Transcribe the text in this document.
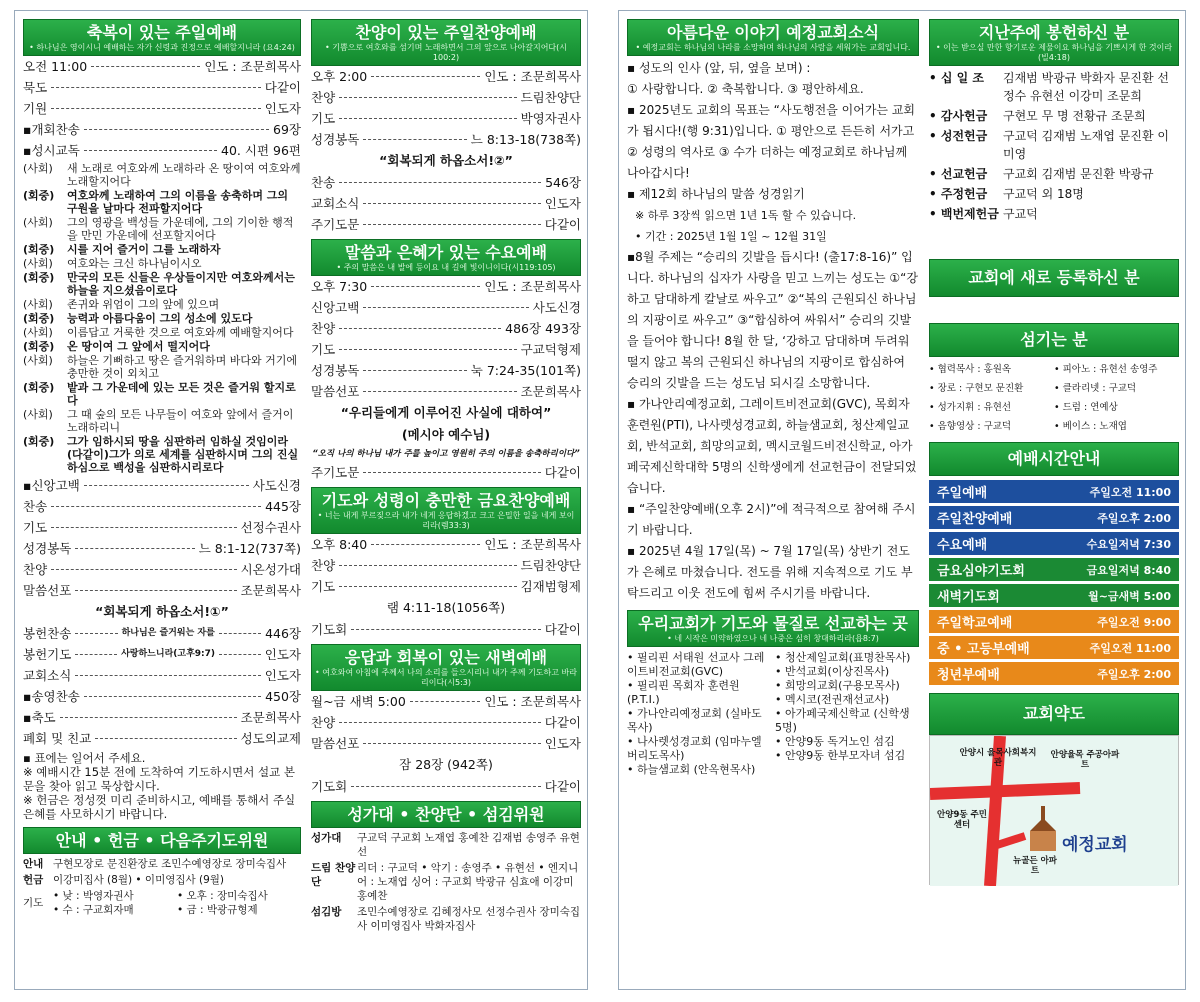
축복이 있는 주일예배
• 하나님은 영이시니 예배하는 자가 신령과 진정으로 예배할지니라 (요4:24)
오전 11:00	인도 : 조문희목사
묵도	다같이
기원	인도자
▪개회찬송	69장
▪성시교독	40. 시편 96편
(사회)	새 노래로 여호와께 노래하라 온 땅이여 여호와께 노래할지어다
(회중)	여호와께 노래하여 그의 이름을 송축하며 그의 구원을 날마다 전파할지어다
(사회)	그의 영광을 백성들 가운데에, 그의 기이한 행적을 만민 가운데에 선포할지어다
(회중)	시를 지어 즐거이 그를 노래하자
(사회)	여호와는 크신 하나님이시오
(회중)	만국의 모든 신들은 우상들이지만 여호와께서는 하늘을 지으셨음이로다
(사회)	존귀와 위엄이 그의 앞에 있으며
(회중)	능력과 아름다움이 그의 성소에 있도다
(사회)	이름답고 거룩한 것으로 여호와께 예배할지어다
(회중)	온 땅이여 그 앞에서 떨지어다
(사회)	하늘은 기뻐하고 땅은 즐거워하며 바다와 거기에 충만한 것이 외치고
(회중)	밭과 그 가운데에 있는 모든 것은 즐거워 할지로다
(사회)	그 때 숲의 모든 나무들이 여호와 앞에서 즐거이 노래하리니
(회중)	그가 임하시되 땅을 심판하러 임하실 것임이라 (다같이)그가 의로 세계를 심판하시며 그의 진실하심으로 백성을 심판하시리로다
▪신앙고백	사도신경
찬송	445장
기도	선정수권사
성경봉독	느 8:1-12(737쪽)
찬양	시온성가대
말씀선포	조문희목사
“회복되게 하옵소서!①”
봉헌찬송	하나님은 즐거워는 자를	446장
봉헌기도	사랑하느니라(고후9:7)	인도자
교회소식	인도자
▪송영찬송	450장
▪축도	조문희목사
폐회 및 친교	성도의교제
▪ 표에는 일어서 주세요.
※ 예배시간 15분 전에 도착하여 기도하시면서 설교 본문을 찾아 읽고 묵상합시다.
※ 헌금은 정성껏 미리 준비하시고, 예배를 통해서 주실 은혜를 사모하시기 바랍니다.
안내 • 헌금 • 다음주기도위원
안내 구현모장로 문진환장로 조민수예영장로 장미숙집사
헌금 이강미집사 (8월) • 이미영집사 (9월)
기도
• 낮 : 박영자권사	• 오후 : 장미숙집사
• 수 : 구교회자매	• 금 : 박광규형제
찬양이 있는 주일찬양예배
• 기쁨으로 여호와를 섬기며 노래하면서 그의 앞으로 나아갈지어다(시100:2)
오후 2:00	인도 : 조문희목사
찬양	드림찬양단
기도	박영자권사
성경봉독	느 8:13-18(738쪽)
“회복되게 하옵소서!②”
찬송	546장
교회소식	인도자
주기도문	다같이
말씀과 은혜가 있는 수요예배
• 주의 말씀은 내 발에 등이요 내 길에 빛이니이다(시119:105)
오후 7:30	인도 : 조문희목사
신앙고백	사도신경
찬양	486장 493장
기도	구교덕형제
성경봉독	눅 7:24-35(101쪽)
말씀선포	조문희목사
“우리들에게 이루어진 사실에 대하여”
(메시야 예수님)
“오직 나의 하나님 내가 주를 높이고 영원히 주의 이름을 송축하리이다”
주기도문	다같이
기도와 성령이 충만한 금요찬양예배
• 너는 내게 부르짖으라 내가 네게 응답하겠고 크고 은밀한 일을 네게 보이리라(렘33:3)
오후 8:40	인도 : 조문희목사
찬양	드림찬양단
기도	김재범형제
램 4:11-18(1056쪽)
기도회	다같이
응답과 회복이 있는 새벽예배
• 여호와여 아침에 주께서 나의 소리를 들으시리니 내가 주께 기도하고 바라리이다(시5:3)
월~금 새벽 5:00	인도 : 조문희목사
찬양	다같이
말씀선포	인도자
잠 28장 (942쪽)
기도회	다같이
성가대 • 찬양단 • 섬김위원
성가대	구교덕 구교회 노재엽 홍예찬 김재범 송영주 유현선
드림 찬양단
리더 : 구교덕 • 악기 : 송영주 • 유현선 • 엔지니어 : 노재엽 싱어 : 구교회 박광규 심효애 이강미 홍예찬
섬김방	조민수예영장로 김혜정사모 선정수권사 장미숙집사 이미영집사 박화자집사
아름다운 이야기 예정교회소식
• 예정교회는 하나님의 나라를 소망하며 하나님의 사람을 세워가는 교회입니다.
▪ 성도의 인사 (앞, 뒤, 옆을 보며) :
① 사랑합니다. ② 축복합니다. ③ 평안하세요.
▪ 2025년도 교회의 목표는 “사도행전을 이어가는 교회가 됩시다!(행 9:31)입니다. ① 평안으로 든든히 서가고 ② 성령의 역사로 ③ 수가 더하는 예정교회로 하나님께 나아갑시다!
▪ 제12회 하나님의 말씀 성경읽기
※ 하루 3장씩 읽으면 1년 1독 할 수 있습니다.
• 기간 : 2025년 1월 1일 ~ 12월 31일
▪8월 주제는 “승리의 깃발을 듭시다! (출17:8-16)” 입니다. 하나님의 십자가 사랑을 믿고 느끼는 성도는 ①“강하고 담대하게 칼날로 싸우고” ②“복의 근원되신 하나님의 지팡이로 싸우고” ③“합심하여 싸워서” 승리의 깃발을 들어야 합니다! 8월 한 달, ‘강하고 담대하며 두려워 떨지 않고 복의 근원되신 하나님의 지팡이로 합심하여 승리의 깃발을 드는 성도님 되시길 소망합니다.
▪ 가나안리예정교회, 그레이트비전교회(GVC), 목회자훈련원(PTI), 나사렛성경교회, 하늘샘교회, 청산제일교회, 반석교회, 희망의교회, 멕시코월드비전신학교, 아가페국제신학대학 5명의 신학생에게 선교헌금이 전달되었습니다.
▪ “주일찬양예배(오후 2시)”에 적극적으로 참여해 주시기 바랍니다.
▪ 2025년 4월 17일(목) ~ 7월 17일(목) 상반기 전도가 은혜로 마쳤습니다. 전도를 위해 지속적으로 기도 부탁드리고 이웃 전도에 힘써 주시기를 바랍니다.
우리교회가 기도와 물질로 선교하는 곳
• 네 시작은 미약하였으나 네 나중은 심히 창대하리라(욥8:7)
• 필리핀 서태원 선교사 그레이트비전교회(GVC)
• 필리핀 목회자 훈련원 (P.T.I.)
• 가나안리예정교회 (실바도목사)
• 나사렛성경교회 (임마누엘 버리도목사)
• 하늘샘교회 (안옥현목사)
• 청산제일교회(표명찬목사)
• 반석교회(이상진목사)
• 희망의교회(구용모목사)
• 멕시코(전권재선교사)
• 아가페국제신학교 (신학생 5명)
• 안양9동 독거노인 섬김
• 안양9동 한부모자녀 섬김
지난주에 봉헌하신 분
• 이는 받으실 만한 향기로운 제물이요 하나님을 기쁘시게 한 것이라 (빌4:18)
• 십 일 조	김재범 박광규 박화자 문진환 선정수 유현선 이강미 조문희
• 감사헌금	구현모 무 명 전황규 조문희
• 성전헌금	구교덕 김재범 노재엽 문진환 이미영
• 선교헌금	구교회 김재범 문진환 박광규
• 주정헌금	구교덕 외 18명
• 백번제헌금 구교덕
교회에 새로 등록하신 분
섬기는 분
• 협력목사 : 홍원옥	• 피아노 : 유현선 송영주
• 장로 : 구현모 문진환	• 클라리넷 : 구교덕
• 성가지휘 : 유현선	• 드럼 : 연예상
• 음향영상 : 구교덕	• 베이스 : 노재엽
예배시간안내
주일예배	주일오전 11:00
주일찬양예배	주일오후 2:00
수요예배	수요일저녁 7:30
금요심야기도회	금요일저녁 8:40
새벽기도회	월~금새벽 5:00
주일학교예배	주일오전 9:00
중 • 고등부예배	주일오전 11:00
청년부예배	주일오후 2:00
교회약도
안양시 율목사회복지관
안양율목 주공아파트
안양9동 주민센터
뉴골든 아파트
예정교회
